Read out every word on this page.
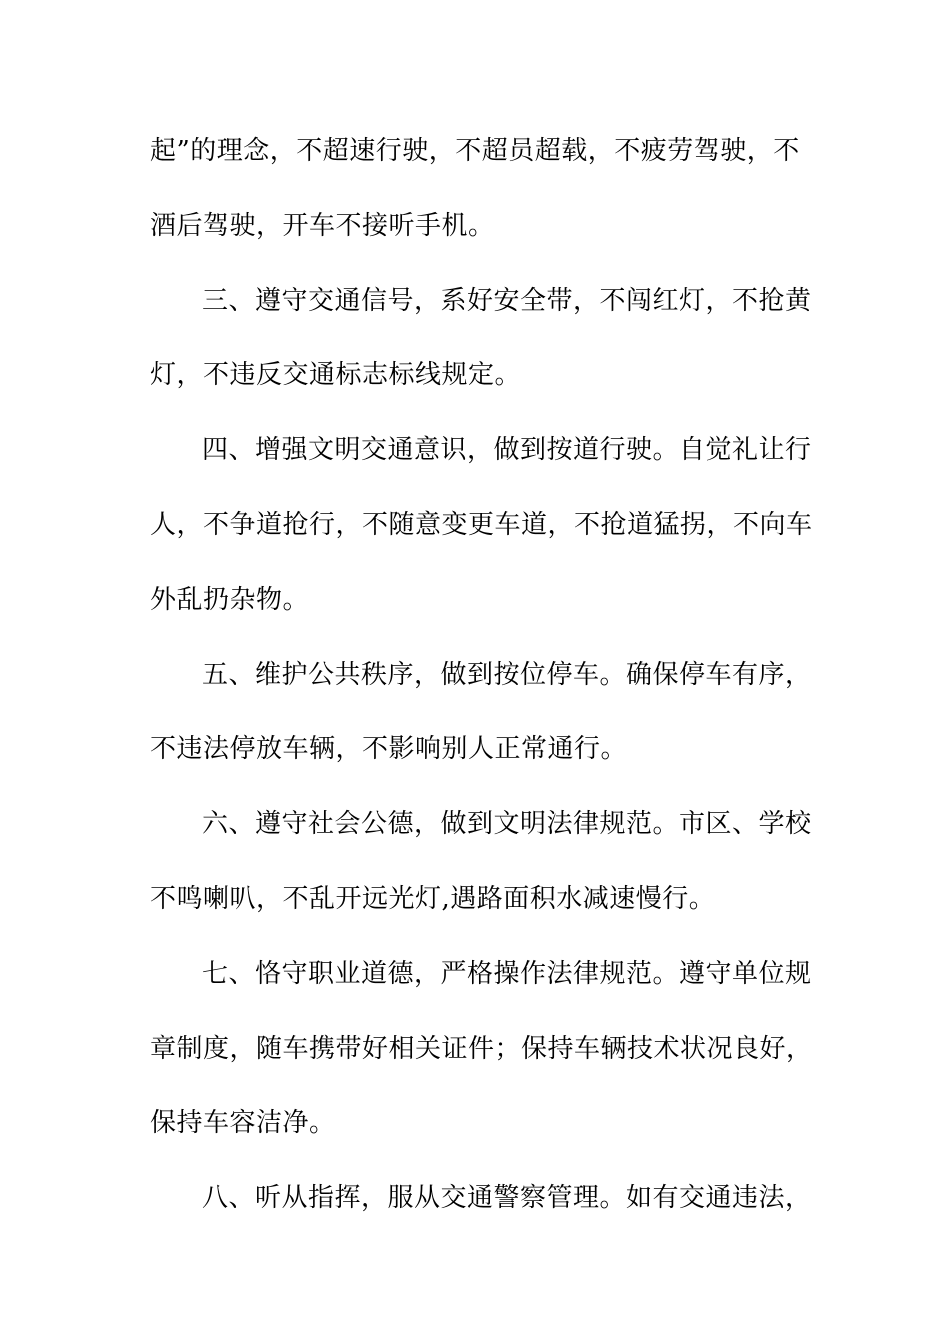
起”的理念，不超速行驶，不超员超载，不疲劳驾驶，不
酒后驾驶，开车不接听手机。
三、遵守交通信号，系好安全带，不闯红灯，不抢黄
灯，不违反交通标志标线规定。
四、增强文明交通意识，做到按道行驶。自觉礼让行
人，不争道抢行，不随意变更车道，不抢道猛拐，不向车
外乱扔杂物。
五、维护公共秩序，做到按位停车。确保停车有序，
不违法停放车辆，不影响别人正常通行。
六、遵守社会公德，做到文明法律规范。市区、学校
不鸣喇叭，不乱开远光灯,遇路面积水减速慢行。
七、恪守职业道德，严格操作法律规范。遵守单位规
章制度，随车携带好相关证件；保持车辆技术状况良好，
保持车容洁净。
八、听从指挥，服从交通警察管理。如有交通违法，
